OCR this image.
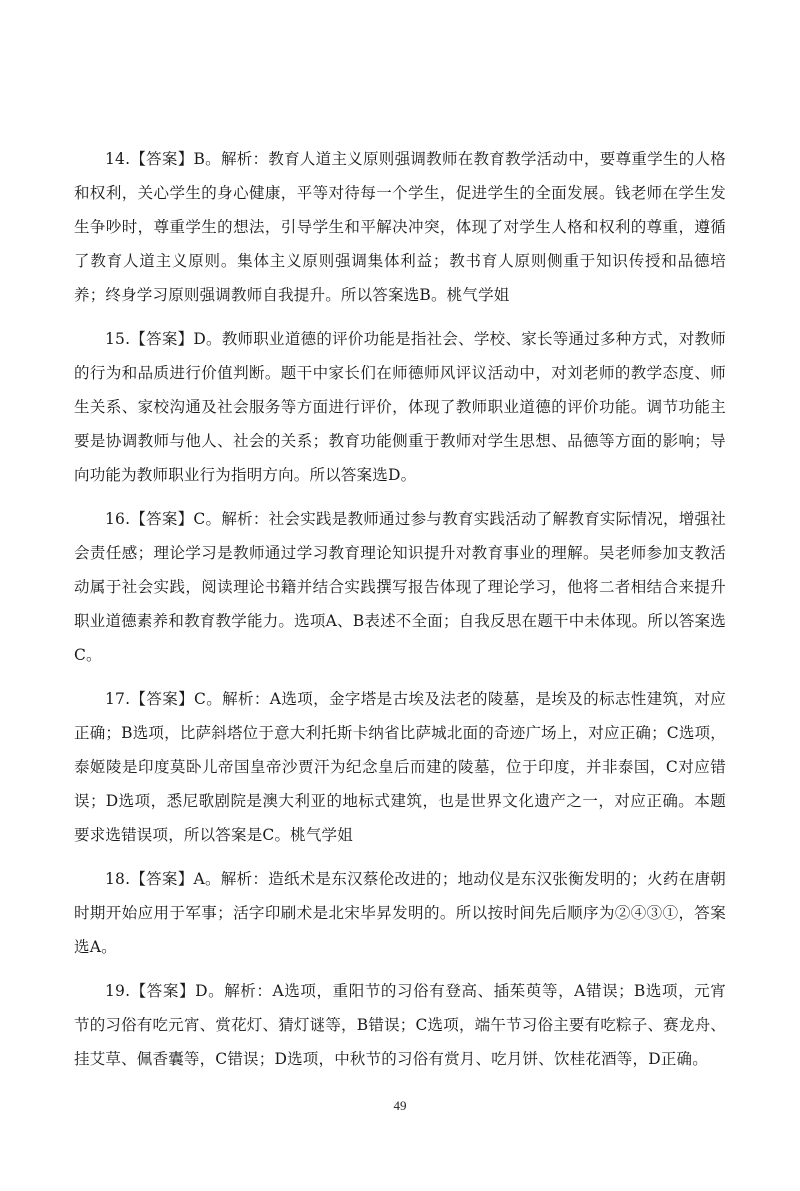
14.【答案】B。解析：教育人道主义原则强调教师在教育教学活动中，要尊重学生的人格和权利，关心学生的身心健康，平等对待每一个学生，促进学生的全面发展。钱老师在学生发生争吵时，尊重学生的想法，引导学生和平解决冲突，体现了对学生人格和权利的尊重，遵循了教育人道主义原则。集体主义原则强调集体利益；教书育人原则侧重于知识传授和品德培养；终身学习原则强调教师自我提升。所以答案选B。桃气学姐

15.【答案】D。教师职业道德的评价功能是指社会、学校、家长等通过多种方式，对教师的行为和品质进行价值判断。题干中家长们在师德师风评议活动中，对刘老师的教学态度、师生关系、家校沟通及社会服务等方面进行评价，体现了教师职业道德的评价功能。调节功能主要是协调教师与他人、社会的关系；教育功能侧重于教师对学生思想、品德等方面的影响；导向功能为教师职业行为指明方向。所以答案选D。

16.【答案】C。解析：社会实践是教师通过参与教育实践活动了解教育实际情况，增强社会责任感；理论学习是教师通过学习教育理论知识提升对教育事业的理解。吴老师参加支教活动属于社会实践，阅读理论书籍并结合实践撰写报告体现了理论学习，他将二者相结合来提升职业道德素养和教育教学能力。选项A、B表述不全面；自我反思在题干中未体现。所以答案选C。

17.【答案】C。解析：A选项，金字塔是古埃及法老的陵墓，是埃及的标志性建筑，对应正确；B选项，比萨斜塔位于意大利托斯卡纳省比萨城北面的奇迹广场上，对应正确；C选项，泰姬陵是印度莫卧儿帝国皇帝沙贾汗为纪念皇后而建的陵墓，位于印度，并非泰国，C对应错误；D选项，悉尼歌剧院是澳大利亚的地标式建筑，也是世界文化遗产之一，对应正确。本题要求选错误项，所以答案是C。桃气学姐

18.【答案】A。解析：造纸术是东汉蔡伦改进的；地动仪是东汉张衡发明的；火药在唐朝时期开始应用于军事；活字印刷术是北宋毕昇发明的。所以按时间先后顺序为②④③①，答案选A。

19.【答案】D。解析：A选项，重阳节的习俗有登高、插茱萸等，A错误；B选项，元宵节的习俗有吃元宵、赏花灯、猜灯谜等，B错误；C选项，端午节习俗主要有吃粽子、赛龙舟、挂艾草、佩香囊等，C错误；D选项，中秋节的习俗有赏月、吃月饼、饮桂花酒等，D正确。

49
